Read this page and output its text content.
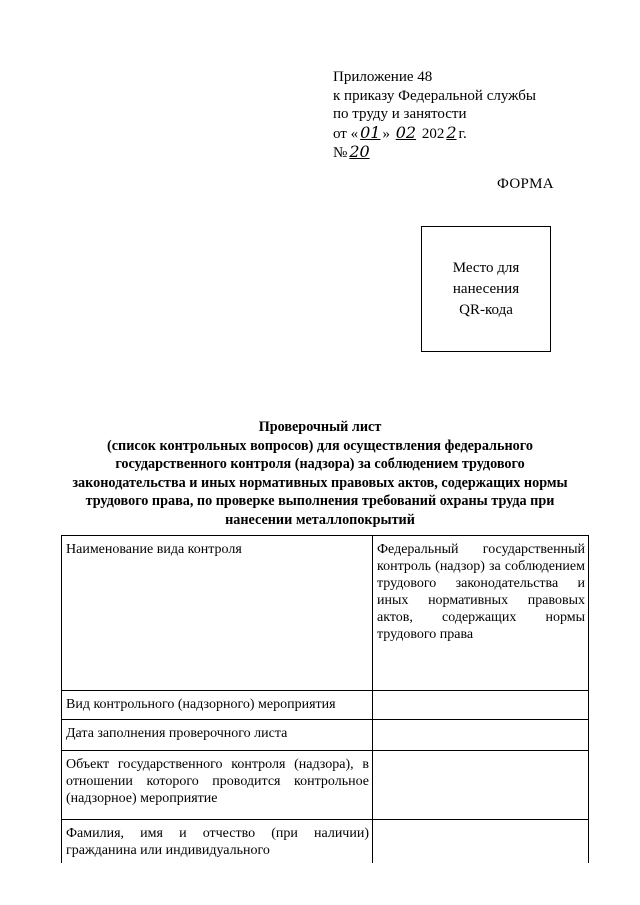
Приложение 48
к приказу Федеральной службы
по труду и занятости
от « 01 » 02 202 2 г.
№ 20
ФОРМА
Место для
нанесения
QR-кода
Проверочный лист
(список контрольных вопросов) для осуществления федерального
государственного контроля (надзора) за соблюдением трудового
законодательства и иных нормативных правовых актов, содержащих нормы
трудового права, по проверке выполнения требований охраны труда при
нанесении металлопокрытий
Наименование вида контроля	Федеральный государственный контроль (надзор) за соблюдением трудового законодательства и иных нормативных правовых актов, содержащих нормы трудового права
Вид контрольного (надзорного) мероприятия	
Дата заполнения проверочного листа	
Объект государственного контроля (надзора), в отношении которого проводится контрольное (надзорное) мероприятие	
Фамилия, имя и отчество (при наличии) гражданина или индивидуального	
